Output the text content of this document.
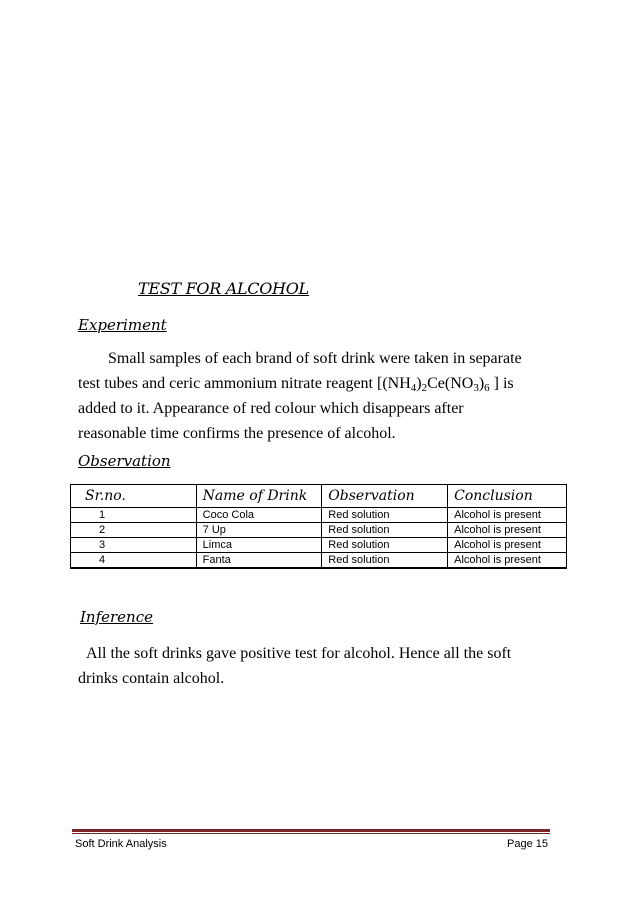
TEST FOR ALCOHOL
Experiment

Small samples of each brand of soft drink were taken in separate
test tubes and ceric ammonium nitrate reagent [$(NH_4)_2Ce(NO_3)_6$ ] is
added to it. Appearance of red colour which disappears after
reasonable time confirms the presence of alcohol.

Observation
Sr.no.	Name of Drink	Observation	Conclusion
1	Coco Cola	Red solution	Alcohol is present
2	7 Up	Red solution	Alcohol is present
3	Limca	Red solution	Alcohol is present
4	Fanta	Red solution	Alcohol is present
Inference

All the soft drinks gave positive test for alcohol. Hence all the soft
drinks contain alcohol.

Soft Drink Analysis	Page 15
